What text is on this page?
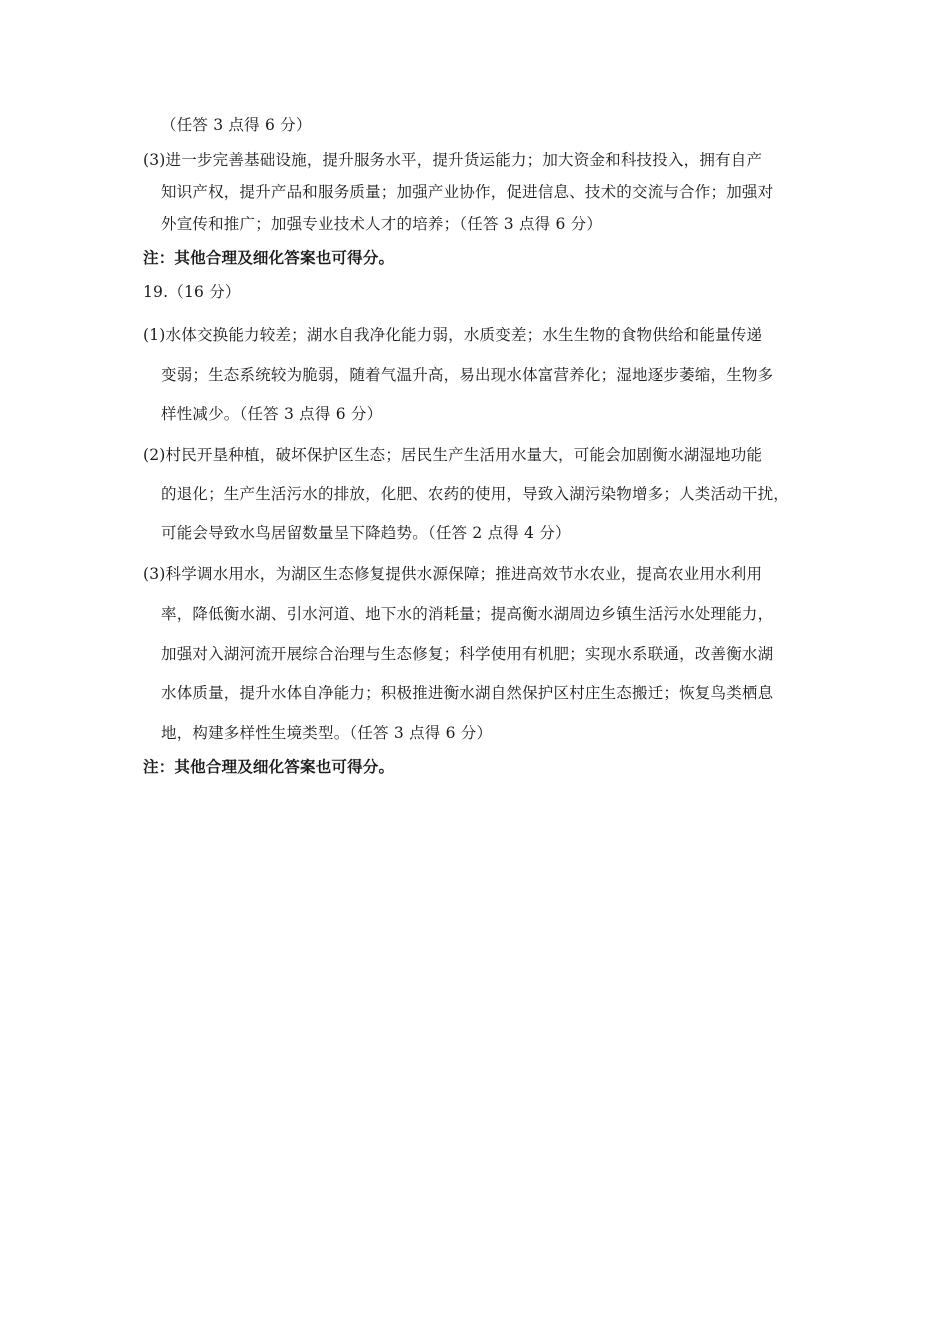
（任答 3 点得 6 分）
(3)进一步完善基础设施，提升服务水平，提升货运能力；加大资金和科技投入，拥有自产
知识产权，提升产品和服务质量；加强产业协作，促进信息、技术的交流与合作；加强对
外宣传和推广；加强专业技术人才的培养；（任答 3 点得 6 分）
注：其他合理及细化答案也可得分。
19.（16 分）
(1)水体交换能力较差；湖水自我净化能力弱，水质变差；水生生物的食物供给和能量传递
变弱；生态系统较为脆弱，随着气温升高，易出现水体富营养化；湿地逐步萎缩，生物多
样性减少。（任答 3 点得 6 分）
(2)村民开垦种植，破坏保护区生态；居民生产生活用水量大，可能会加剧衡水湖湿地功能
的退化；生产生活污水的排放，化肥、农药的使用，导致入湖污染物增多；人类活动干扰，
可能会导致水鸟居留数量呈下降趋势。（任答 2 点得 4 分）
(3)科学调水用水，为湖区生态修复提供水源保障；推进高效节水农业，提高农业用水利用
率，降低衡水湖、引水河道、地下水的消耗量；提高衡水湖周边乡镇生活污水处理能力，
加强对入湖河流开展综合治理与生态修复；科学使用有机肥；实现水系联通，改善衡水湖
水体质量，提升水体自净能力；积极推进衡水湖自然保护区村庄生态搬迁；恢复鸟类栖息
地，构建多样性生境类型。（任答 3 点得 6 分）
注：其他合理及细化答案也可得分。
